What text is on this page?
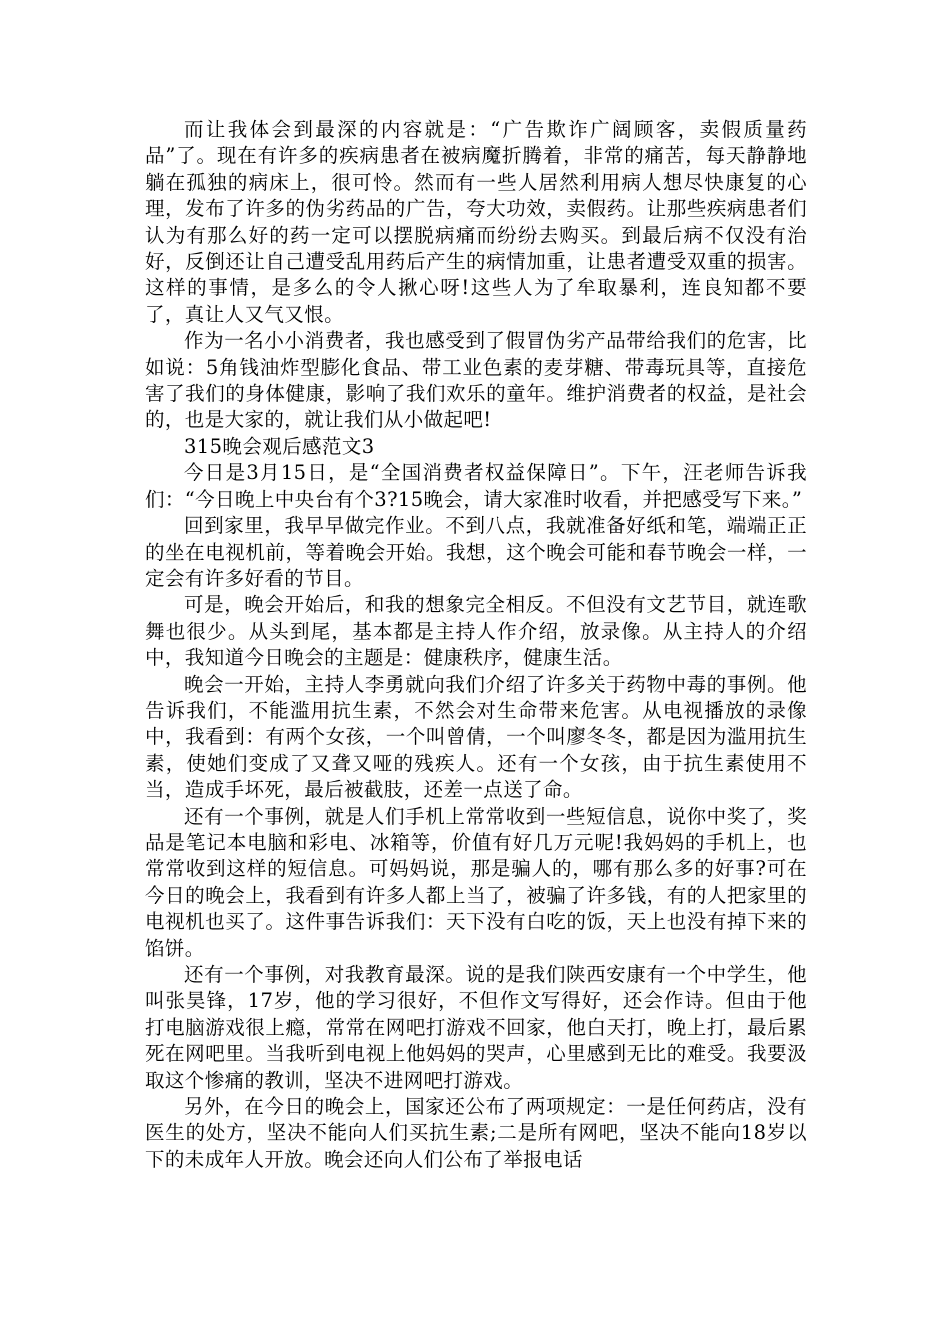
而让我体会到最深的内容就是：“广告欺诈广阔顾客，卖假质量药品”了。现在有许多的疾病患者在被病魔折腾着，非常的痛苦，每天静静地躺在孤独的病床上，很可怜。然而有一些人居然利用病人想尽快康复的心理，发布了许多的伪劣药品的广告，夸大功效，卖假药。让那些疾病患者们认为有那么好的药一定可以摆脱病痛而纷纷去购买。到最后病不仅没有治好，反倒还让自己遭受乱用药后产生的病情加重，让患者遭受双重的损害。这样的事情，是多么的令人揪心呀!这些人为了牟取暴利，连良知都不要了，真让人又气又恨。

作为一名小小消费者，我也感受到了假冒伪劣产品带给我们的危害，比如说：5角钱油炸型膨化食品、带工业色素的麦芽糖、带毒玩具等，直接危害了我们的身体健康，影响了我们欢乐的童年。维护消费者的权益，是社会的，也是大家的，就让我们从小做起吧!

315晚会观后感范文3

今日是3月15日，是“全国消费者权益保障日”。下午，汪老师告诉我们：“今日晚上中央台有个3?15晚会，请大家准时收看，并把感受写下来。”

回到家里，我早早做完作业。不到八点，我就准备好纸和笔，端端正正的坐在电视机前，等着晚会开始。我想，这个晚会可能和春节晚会一样，一定会有许多好看的节目。

可是，晚会开始后，和我的想象完全相反。不但没有文艺节目，就连歌舞也很少。从头到尾，基本都是主持人作介绍，放录像。从主持人的介绍中，我知道今日晚会的主题是：健康秩序，健康生活。

晚会一开始，主持人李勇就向我们介绍了许多关于药物中毒的事例。他告诉我们，不能滥用抗生素，不然会对生命带来危害。从电视播放的录像中，我看到：有两个女孩，一个叫曾倩，一个叫廖冬冬，都是因为滥用抗生素，使她们变成了又聋又哑的残疾人。还有一个女孩，由于抗生素使用不当，造成手坏死，最后被截肢，还差一点送了命。

还有一个事例，就是人们手机上常常收到一些短信息，说你中奖了，奖品是笔记本电脑和彩电、冰箱等，价值有好几万元呢!我妈妈的手机上，也常常收到这样的短信息。可妈妈说，那是骗人的，哪有那么多的好事?可在今日的晚会上，我看到有许多人都上当了，被骗了许多钱，有的人把家里的电视机也买了。这件事告诉我们：天下没有白吃的饭，天上也没有掉下来的馅饼。

还有一个事例，对我教育最深。说的是我们陕西安康有一个中学生，他叫张昊锋，17岁，他的学习很好，不但作文写得好，还会作诗。但由于他打电脑游戏很上瘾，常常在网吧打游戏不回家，他白天打，晚上打，最后累死在网吧里。当我听到电视上他妈妈的哭声，心里感到无比的难受。我要汲取这个惨痛的教训，坚决不进网吧打游戏。

另外，在今日的晚会上，国家还公布了两项规定：一是任何药店，没有医生的处方，坚决不能向人们买抗生素;二是所有网吧，坚决不能向18岁以下的未成年人开放。晚会还向人们公布了举报电话
